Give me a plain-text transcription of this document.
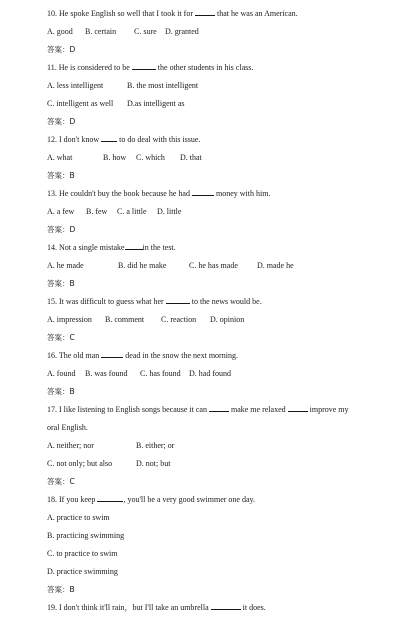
10. He spoke English so well that I took it for	that he was an American.
A. good	B. certain	C. sure	D. granted
答案：D
11. He is considered to be	the other students in his class.
A. less intelligent	B. the most intelligent
C. intelligent as well	D.as intelligent as
答案：D
12. I don't know  to do deal with this issue.
A. what	B. how	C. which	D. that
答案：B
13. He couldn't buy the book because he had	money with him.
A. a few	B. few	C. a little	D. little
答案：D
14. Not a single mistake in the test.
A. he made	B. did he make	C. he has made	D. made he
答案：B
15. It was difficult to guess what her	to the news would be.
A. impression	B. comment	C. reaction	D. opinion
答案：C
16. The old man	dead in the snow the next morning.
A. found	B. was found	C. has found	D. had found
答案：B
17. I like listening to English songs because it can	make me relaxed	improve my
oral English.
A. neither; nor	B. either; or
C. not only; but also	D. not; but
答案：C
18. If you keep	, you'll be a very good swimmer one day.
A. practice to swim
B. practicing swimming
C. to practice to swim
D. practice swimming
答案：B
19. I don't think it'll rain，but I'll take an umbrella	it does.
